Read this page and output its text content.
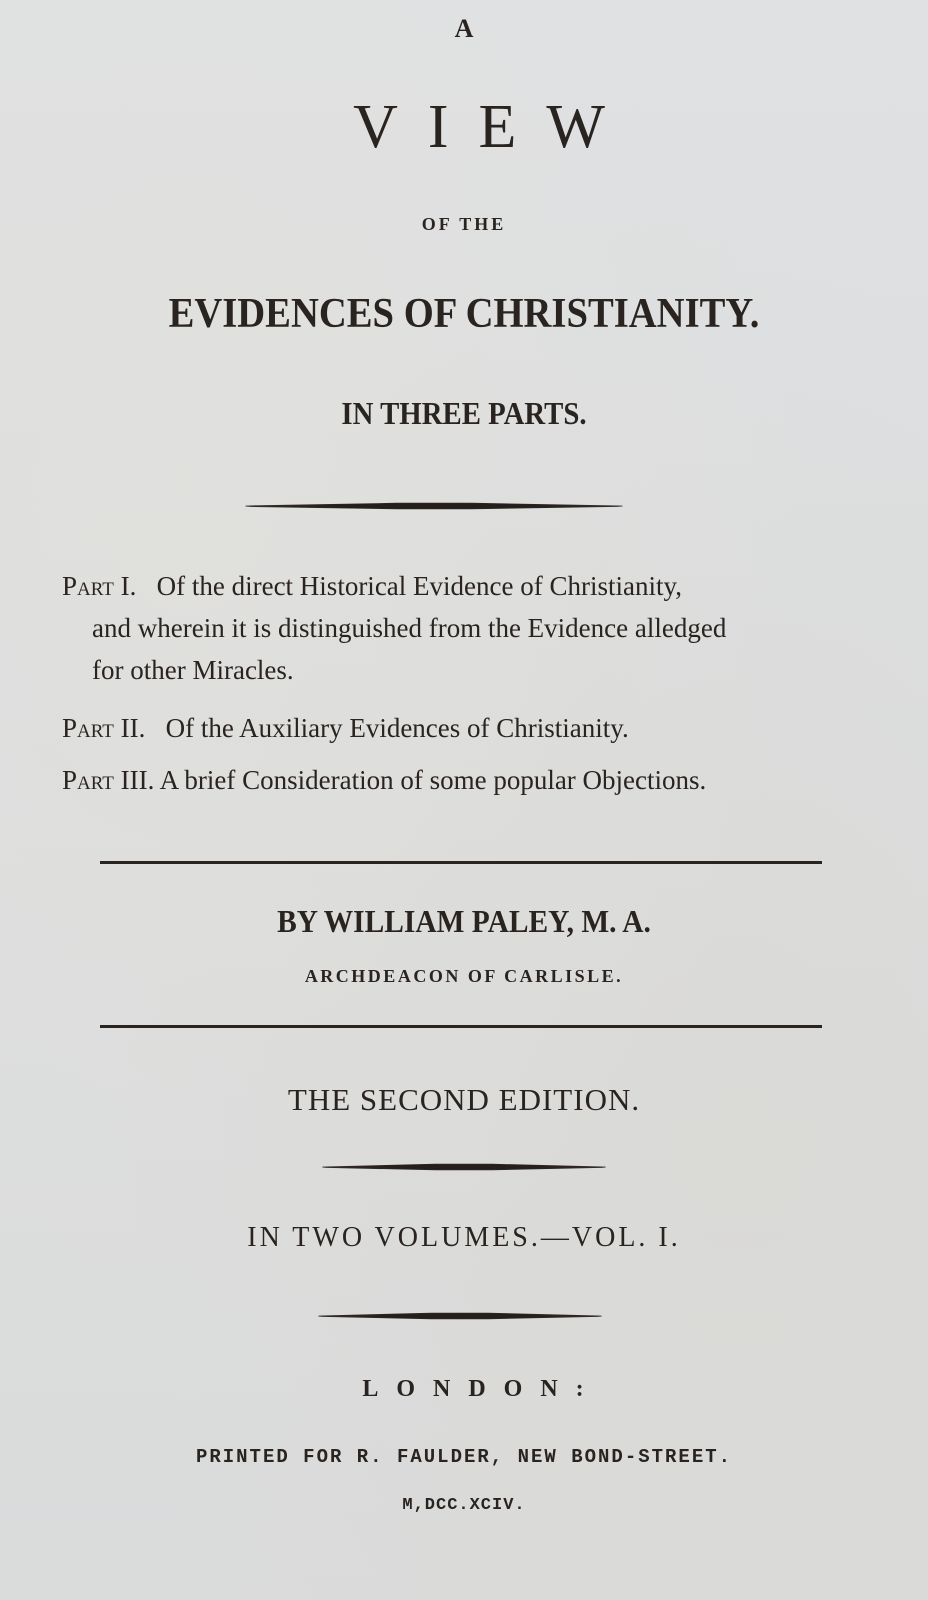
A
VIEW
OF THE
EVIDENCES OF CHRISTIANITY.
IN THREE PARTS.
Part I. Of the direct Historical Evidence of Christianity,
and wherein it is distinguished from the Evidence alledged
for other Miracles.
Part II. Of the Auxiliary Evidences of Christianity.
Part III. A brief Consideration of some popular Objections.
BY WILLIAM PALEY, M. A.
ARCHDEACON OF CARLISLE.
THE SECOND EDITION.
IN TWO VOLUMES.—VOL. I.
LONDON:
PRINTED FOR R. FAULDER, NEW BOND-STREET.
M,DCC.XCIV.
